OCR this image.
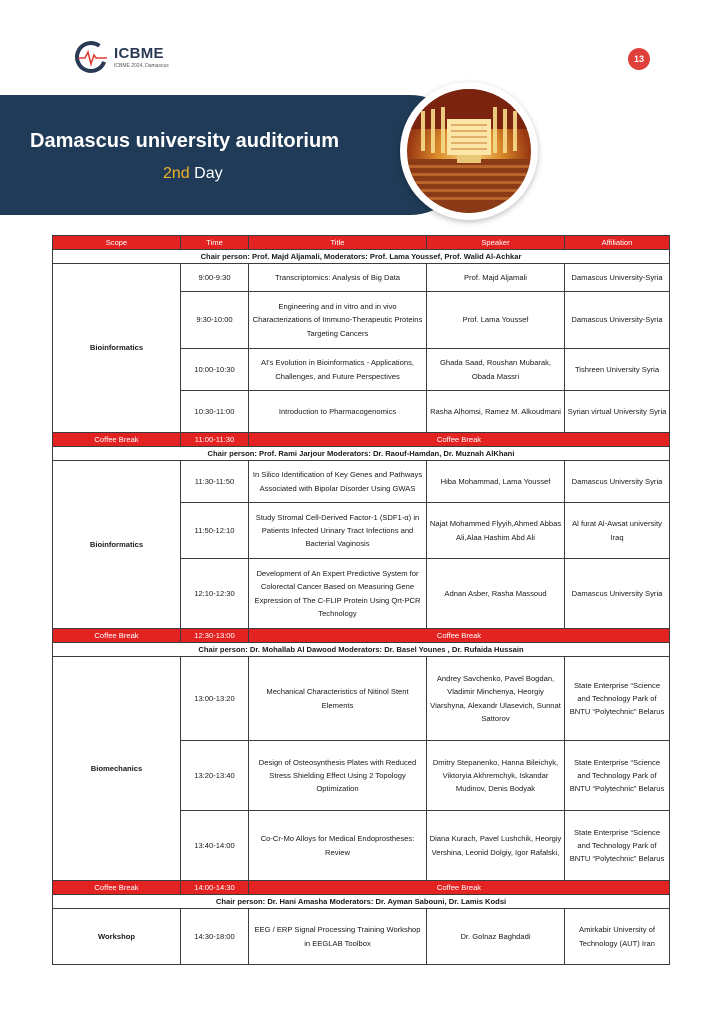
ICBME
ICBME 2024, Damascus
13
Damascus university auditorium
2nd Day
Scope	Time	Title	Speaker	Affiliation
Chair person: Prof. Majd Aljamali, Moderators: Prof. Lama Youssef, Prof. Walid Al-Achkar				
Bioinformatics	9:00-9:30	Transcriptomics: Analysis of Big Data	Prof. Majd Aljamali	Damascus University-Syria
	9:30-10:00	Engineering and in vitro and in vivo Characterizations of Immuno-Therapeutic Proteins Targeting Cancers	Prof. Lama Youssef	Damascus University-Syria
	10:00-10:30	AI's Evolution in Bioinformatics - Applications, Challenges, and Future Perspectives	Ghada Saad, Roushan Mubarak, Obada Massri	Tishreen University Syria
	10:30-11:00	Introduction to Pharmacogenomics	Rasha Alhomsi, Ramez M. Alkoudmani	Syrian virtual University Syria
Coffee Break	11:00-11:30	Coffee Break		
Chair person: Prof. Rami Jarjour Moderators: Dr. Raouf-Hamdan, Dr. Muznah AlKhani				
Bioinformatics	11:30-11:50	In Silico Identification of Key Genes and Pathways Associated with Bipolar Disorder Using GWAS	Hiba Mohammad, Lama Youssef	Damascus University Syria
	11:50-12:10	Study Stromal Cell-Derived Factor-1 (SDF1-α) in Patients Infected Urinary Tract Infections and Bacterial Vaginosis	Najat Mohammed Flyyih,Ahmed Abbas Ali,Alaa Hashim Abd Ali	Al furat Al-Awsat university Iraq
	12:10-12:30	Development of An Expert Predictive System for Colorectal Cancer Based on Measuring Gene Expression of The C-FLIP Protein Using Qrt-PCR Technology	Adnan Asber, Rasha Massoud	Damascus University Syria
Coffee Break	12:30-13:00	Coffee Break		
Chair person: Dr. Mohallab Al Dawood Moderators: Dr. Basel Younes , Dr. Rufaida Hussain				
Biomechanics	13:00-13:20	Mechanical Characteristics of Nitinol Stent Elements	Andrey Savchenko, Pavel Bogdan, Vladimir Minchenya, Heorgiy Viarshyna, Alexandr Ulasevich, Sunnat Sattorov	State Enterprise “Science and Technology Park of BNTU “Polytechnic” Belarus
	13:20-13:40	Design of Osteosynthesis Plates with Reduced Stress Shielding Effect Using 2 Topology Optimization	Dmitry Stepanenko, Hanna Bileichyk, Viktoryia Akhremchyk, Iskandar Mudinov, Denis Bodyak	State Enterprise “Science and Technology Park of BNTU “Polytechnic” Belarus
	13:40-14:00	Co-Cr-Mo Alloys for Medical Endoprostheses: Review	Diana Kurach, Pavel Lushchik, Heorgiy Vershina, Leonid Dolgiy, Igor Rafalski,	State Enterprise “Science and Technology Park of BNTU “Polytechnic” Belarus
Coffee Break	14:00-14:30	Coffee Break		
Chair person: Dr. Hani Amasha Moderators: Dr. Ayman Sabouni, Dr. Lamis Kodsi				
Workshop	14:30-18:00	EEG / ERP Signal Processing Training Workshop in EEGLAB Toolbox	Dr. Golnaz Baghdadi	Amirkabir University of Technology (AUT) Iran
